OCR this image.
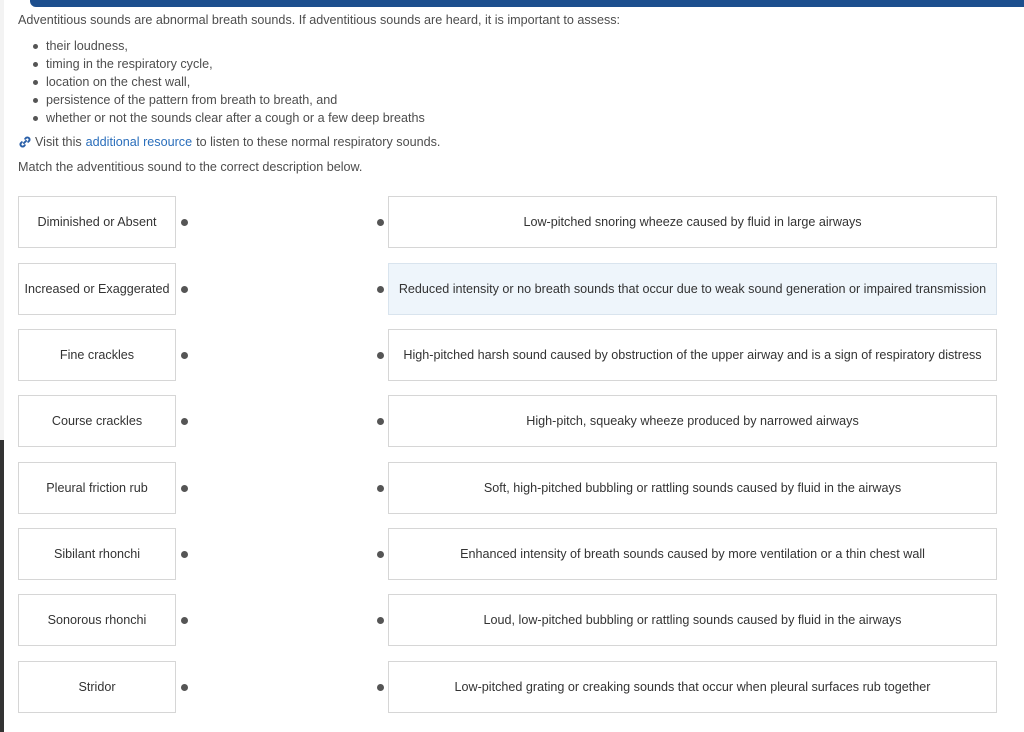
Adventitious sounds are abnormal breath sounds. If adventitious sounds are heard, it is important to assess:
their loudness,
timing in the respiratory cycle,
location on the chest wall,
persistence of the pattern from breath to breath, and
whether or not the sounds clear after a cough or a few deep breaths
Visit this additional resource to listen to these normal respiratory sounds.
Match the adventitious sound to the correct description below.
Diminished or Absent
Increased or Exaggerated
Fine crackles
Course crackles
Pleural friction rub
Sibilant rhonchi
Sonorous rhonchi
Stridor
Low-pitched snoring wheeze caused by fluid in large airways
Reduced intensity or no breath sounds that occur due to weak sound generation or impaired transmission
High-pitched harsh sound caused by obstruction of the upper airway and is a sign of respiratory distress
High-pitch, squeaky wheeze produced by narrowed airways
Soft, high-pitched bubbling or rattling sounds caused by fluid in the airways
Enhanced intensity of breath sounds caused by more ventilation or a thin chest wall
Loud, low-pitched bubbling or rattling sounds caused by fluid in the airways
Low-pitched grating or creaking sounds that occur when pleural surfaces rub together
